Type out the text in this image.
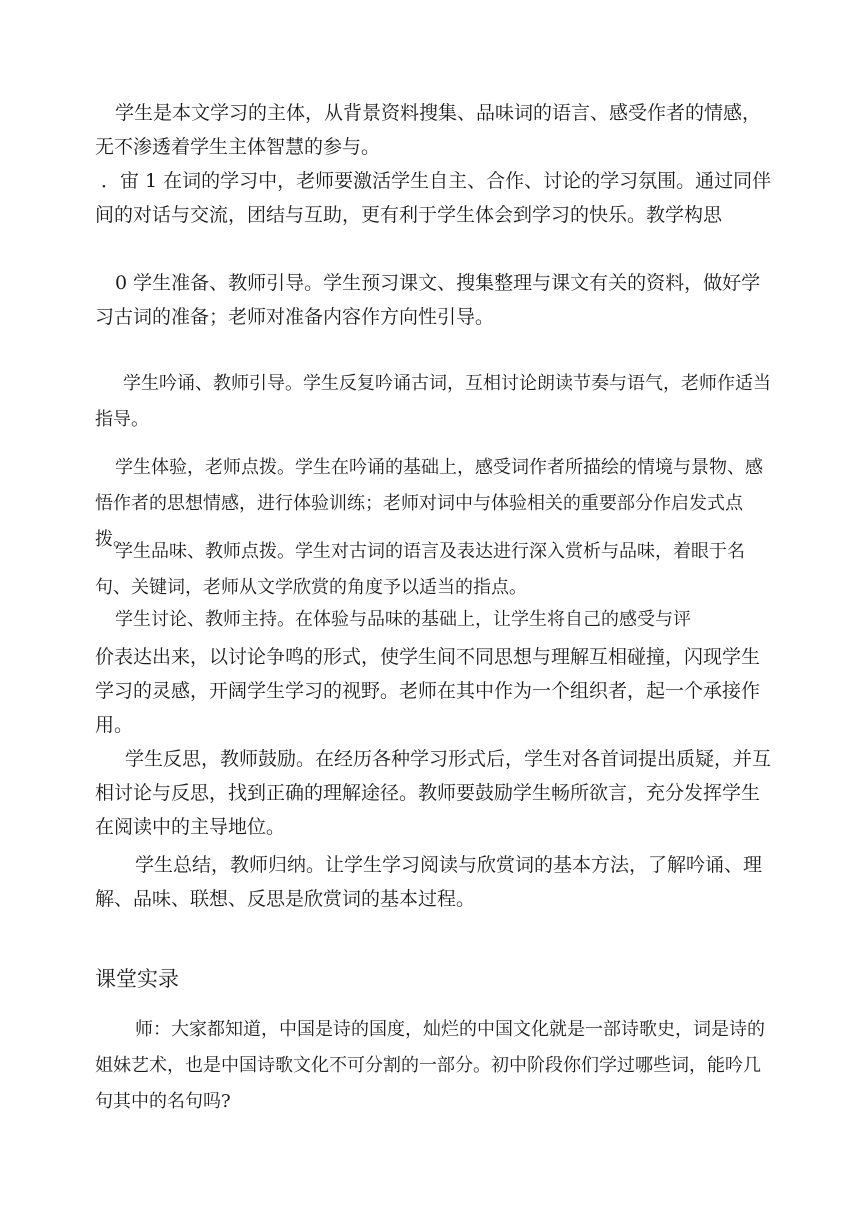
学生是本文学习的主体，从背景资料搜集、品味词的语言、感受作者的情感，无不渗透着学生主体智慧的参与。

．宙 1 在词的学习中，老师要激活学生自主、合作、讨论的学习氛围。通过同伴间的对话与交流，团结与互助，更有利于学生体会到学习的快乐。教学构思

0 学生准备、教师引导。学生预习课文、搜集整理与课文有关的资料，做好学习古词的准备；老师对准备内容作方向性引导。

学生吟诵、教师引导。学生反复吟诵古词，互相讨论朗读节奏与语气，老师作适当指导。

学生体验，老师点拨。学生在吟诵的基础上，感受词作者所描绘的情境与景物、感悟作者的思想情感，进行体验训练；老师对词中与体验相关的重要部分作启发式点拨。

学生品味、教师点拨。学生对古词的语言及表达进行深入赏析与品味，着眼于名句、关键词，老师从文学欣赏的角度予以适当的指点。

学生讨论、教师主持。在体验与品味的基础上，让学生将自己的感受与评

价表达出来，以讨论争鸣的形式，使学生间不同思想与理解互相碰撞，闪现学生学习的灵感，开阔学生学习的视野。老师在其中作为一个组织者，起一个承接作用。

学生反思，教师鼓励。在经历各种学习形式后，学生对各首词提出质疑，并互相讨论与反思，找到正确的理解途径。教师要鼓励学生畅所欲言，充分发挥学生在阅读中的主导地位。

学生总结，教师归纳。让学生学习阅读与欣赏词的基本方法，了解吟诵、理解、品味、联想、反思是欣赏词的基本过程。

课堂实录

师：大家都知道，中国是诗的国度，灿烂的中国文化就是一部诗歌史，词是诗的姐妹艺术，也是中国诗歌文化不可分割的一部分。初中阶段你们学过哪些词，能吟几句其中的名句吗?
